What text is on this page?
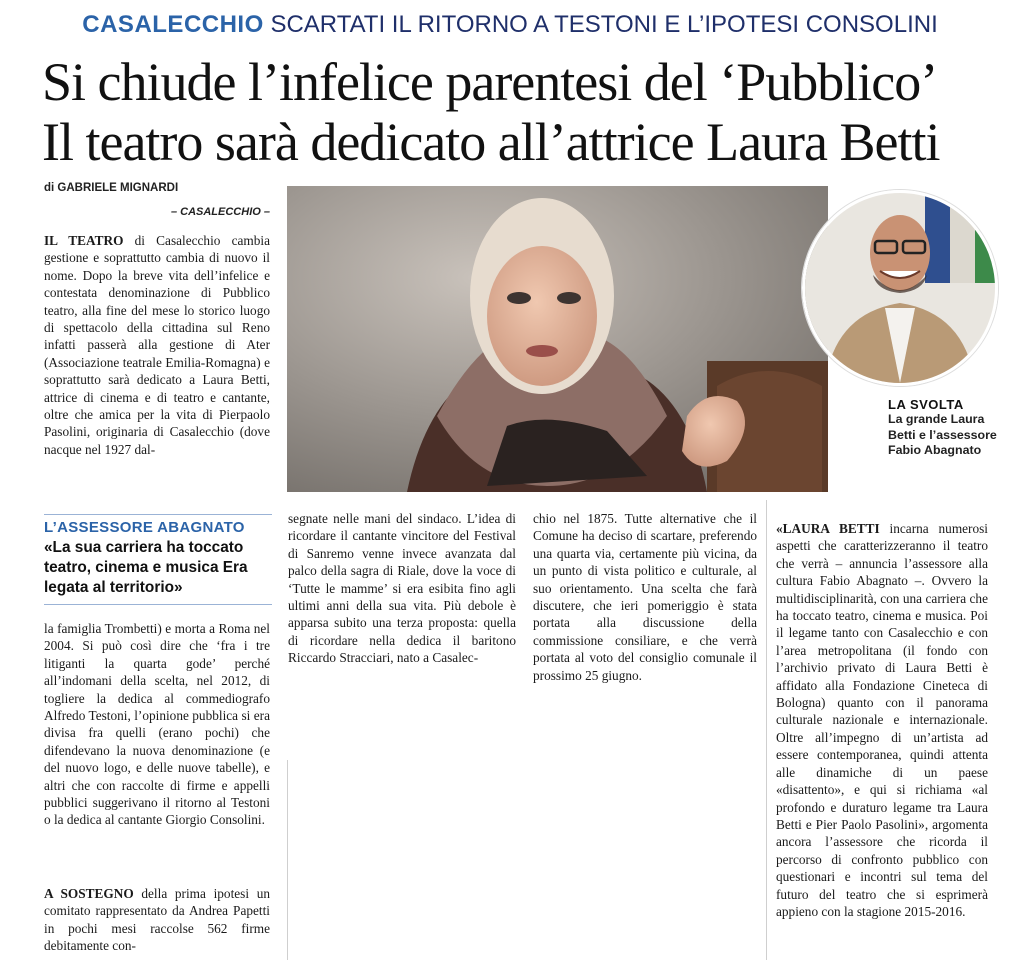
CASALECCHIO SCARTATI IL RITORNO A TESTONI E L’IPOTESI CONSOLINI
Si chiude l’infelice parentesi del ‘Pubblico’
Il teatro sarà dedicato all’attrice Laura Betti
di GABRIELE MIGNARDI
– CASALECCHIO –

IL TEATRO di Casalecchio cambia gestione e soprattutto cambia di nuovo il nome. Dopo la breve vita dell’infelice e contestata denominazione di Pubblico teatro, alla fine del mese lo storico luogo di spettacolo della cittadina sul Reno infatti passerà alla gestione di Ater (Associazione teatrale Emilia-Romagna) e soprattutto sarà dedicato a Laura Betti, attrice di cinema e di teatro e cantante, oltre che amica per la vita di Pierpaolo Pasolini, originaria di Casalecchio (dove nacque nel 1927 dal-

L’ASSESSORE ABAGNATO
«La sua carriera ha toccato teatro, cinema e musica Era legata al territorio»

la famiglia Trombetti) e morta a Roma nel 2004. Si può così dire che ‘fra i tre litiganti la quarta gode’ perché all’indomani della scelta, nel 2012, di togliere la dedica al commediografo Alfredo Testoni, l’opinione pubblica si era divisa fra quelli (erano pochi) che difendevano la nuova denominazione (e del nuovo logo, e delle nuove tabelle), e altri che con raccolte di firme e appelli pubblici suggerivano il ritorno al Testoni o la dedica al cantante Giorgio Consolini.

A SOSTEGNO della prima ipotesi un comitato rappresentato da Andrea Papetti in pochi mesi raccolse 562 firme debitamente con-

segnate nelle mani del sindaco. L’idea di ricordare il cantante vincitore del Festival di Sanremo venne invece avanzata dal palco della sagra di Riale, dove la voce di ‘Tutte le mamme’ si era esibita fino agli ultimi anni della sua vita. Più debole è apparsa subito una terza proposta: quella di ricordare nella dedica il baritono Riccardo Stracciari, nato a Casalec-

chio nel 1875. Tutte alternative che il Comune ha deciso di scartare, preferendo una quarta via, certamente più vicina, da un punto di vista politico e culturale, al suo orientamento. Una scelta che farà discutere, che ieri pomeriggio è stata portata alla discussione della commissione consiliare, e che verrà portata al voto del consiglio comunale il prossimo 25 giugno.

«LAURA BETTI incarna numerosi aspetti che caratterizzeranno il teatro che verrà – annuncia l’assessore alla cultura Fabio Abagnato –. Ovvero la multidisciplinarità, con una carriera che ha toccato teatro, cinema e musica. Poi il legame tanto con Casalecchio e con l’area metropolitana (il fondo con l’archivio privato di Laura Betti è affidato alla Fondazione Cineteca di Bologna) quanto con il panorama culturale nazionale e internazionale. Oltre all’impegno di un’artista ad essere contemporanea, quindi attenta alle dinamiche di un paese «disattento», e qui si richiama «al profondo e duraturo legame tra Laura Betti e Pier Paolo Pasolini», argomenta ancora l’assessore che ricorda il percorso di confronto pubblico con questionari e incontri sul tema del futuro del teatro che si esprimerà appieno con la stagione 2015-2016.

LA SVOLTA
La grande Laura Betti e l’assessore Fabio Abagnato
